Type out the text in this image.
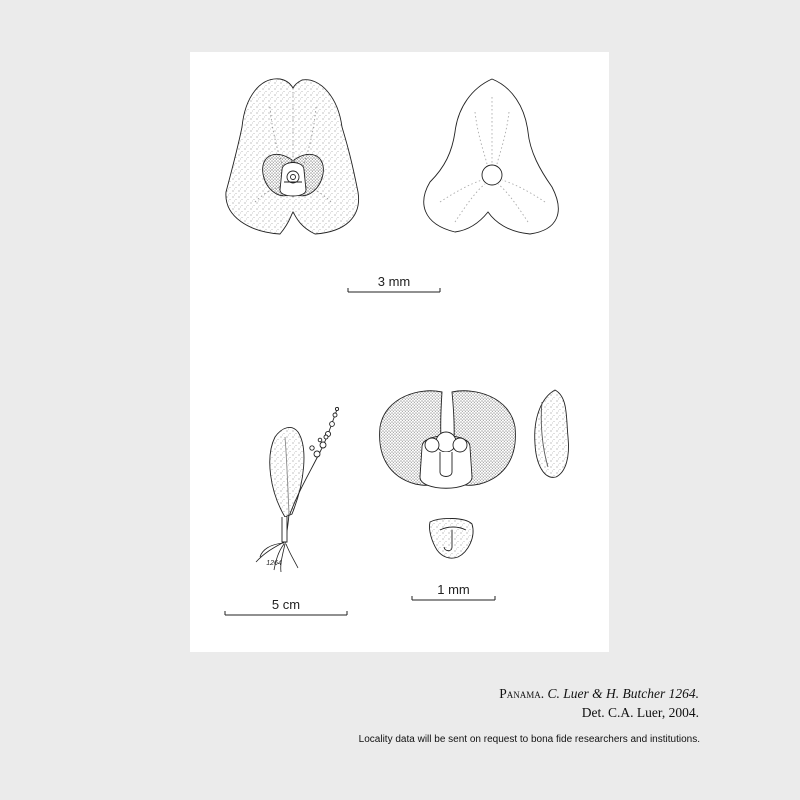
3 mm
5 cm
1 mm
1264
Panama. C. Luer & H. Butcher 1264.
Det. C.A. Luer, 2004.
Locality data will be sent on request to bona fide researchers and institutions.
